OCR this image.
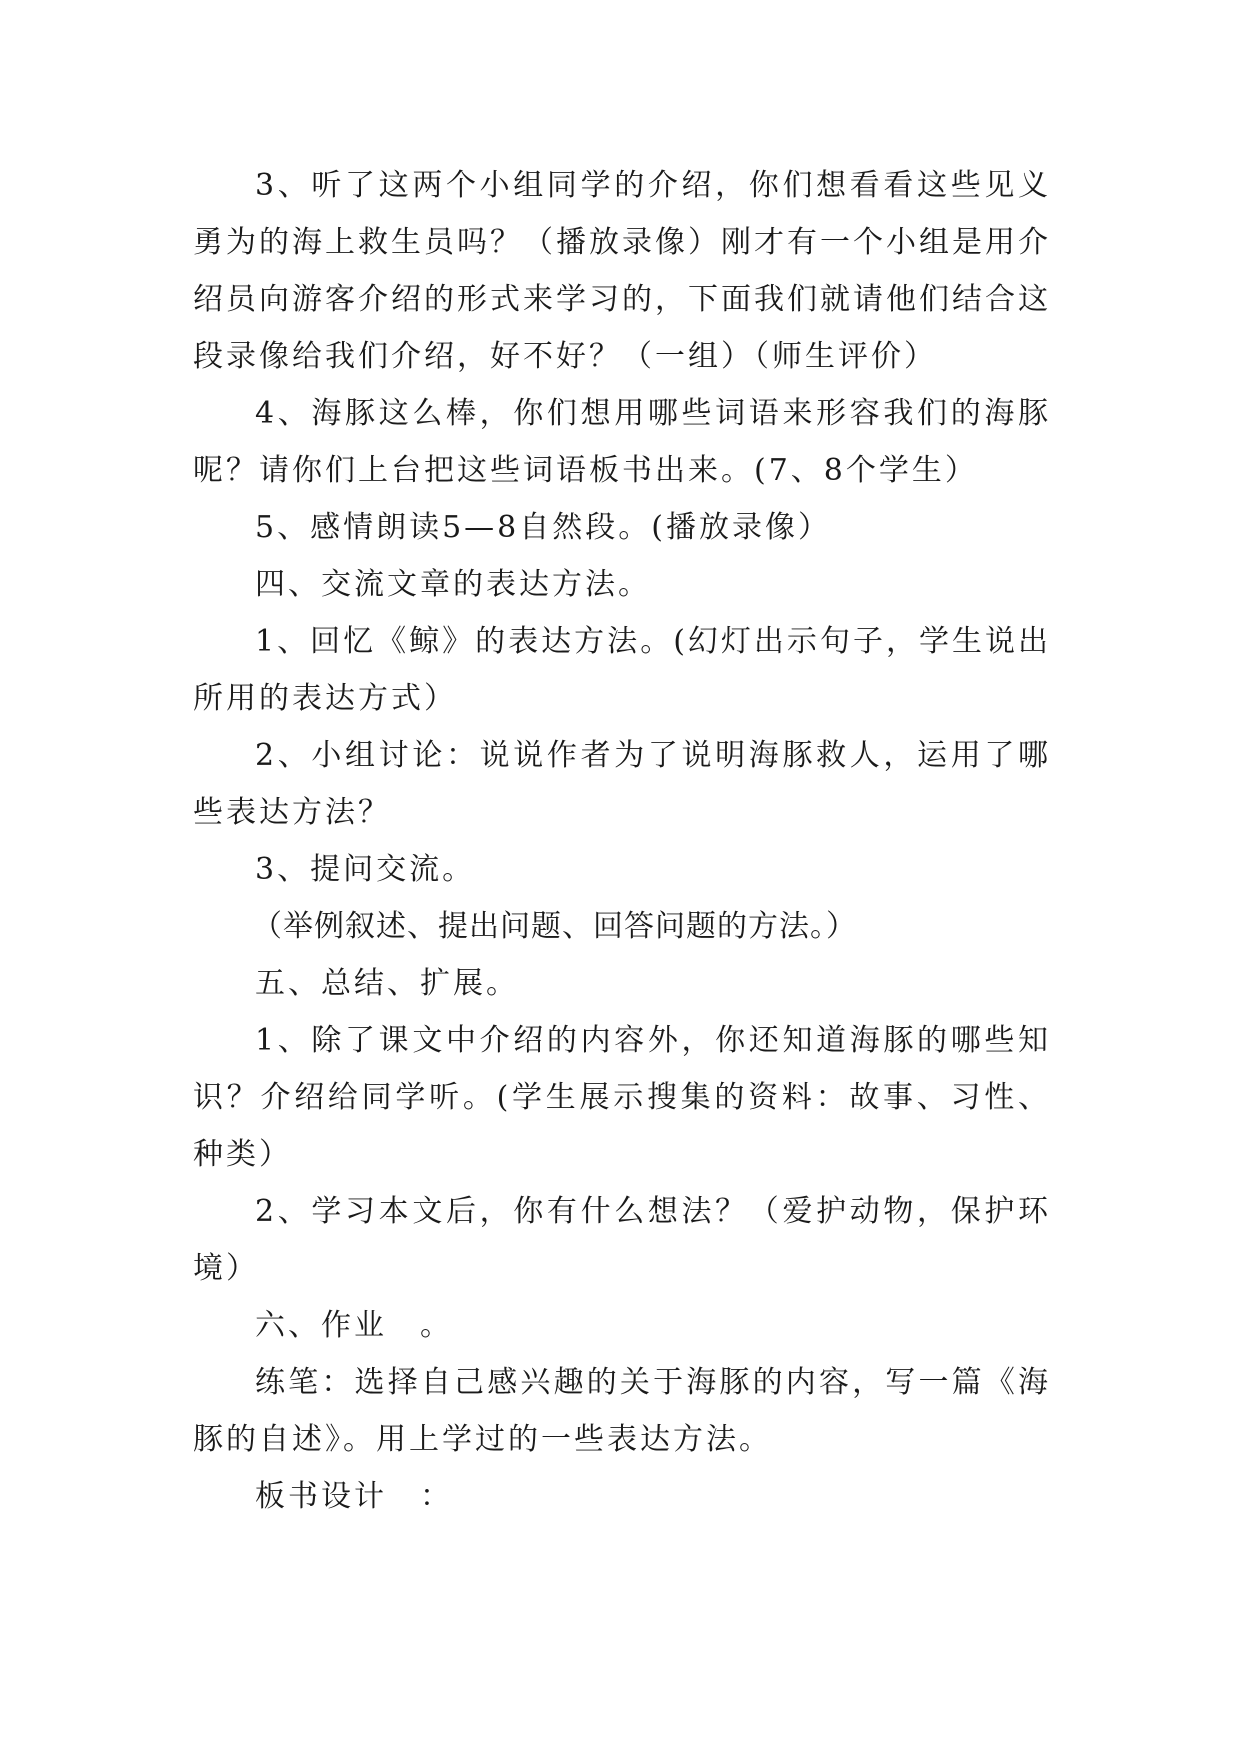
3、听了这两个小组同学的介绍，你们想看看这些见义勇为的海上救生员吗？（播放录像）刚才有一个小组是用介绍员向游客介绍的形式来学习的，下面我们就请他们结合这段录像给我们介绍，好不好？（一组）（师生评价）

4、海豚这么棒，你们想用哪些词语来形容我们的海豚呢？请你们上台把这些词语板书出来。(7、8个学生）

5、感情朗读5—8自然段。(播放录像）

四、交流文章的表达方法。

1、回忆《鲸》的表达方法。(幻灯出示句子，学生说出所用的表达方式）

2、小组讨论：说说作者为了说明海豚救人，运用了哪些表达方法？

3、提问交流。

（举例叙述、提出问题、回答问题的方法。）

五、总结、扩展。

1、除了课文中介绍的内容外，你还知道海豚的哪些知识？介绍给同学听。(学生展示搜集的资料：故事、习性、种类）

2、学习本文后，你有什么想法？（爱护动物，保护环境）

六、作业　。

练笔：选择自己感兴趣的关于海豚的内容，写一篇《海豚的自述》。用上学过的一些表达方法。

板书设计　：
